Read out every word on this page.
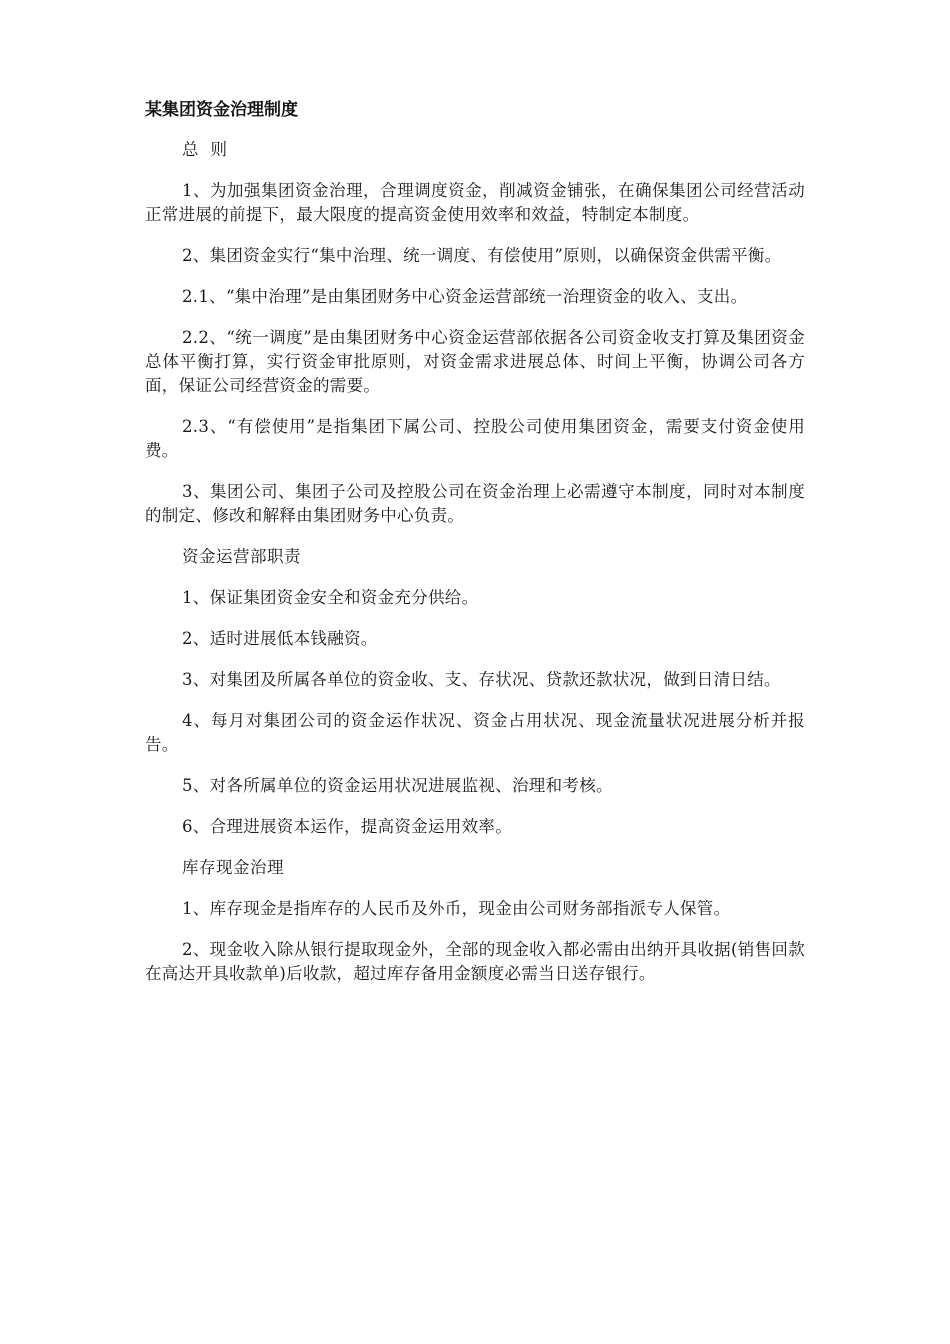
某集团资金治理制度
总  则

1、为加强集团资金治理，合理调度资金，削减资金铺张，在确保集团公司经营活动正常进展的前提下，最大限度的提高资金使用效率和效益，特制定本制度。

2、集团资金实行“集中治理、统一调度、有偿使用”原则，以确保资金供需平衡。

2.1、“集中治理”是由集团财务中心资金运营部统一治理资金的收入、支出。

2.2、“统一调度”是由集团财务中心资金运营部依据各公司资金收支打算及集团资金总体平衡打算，实行资金审批原则，对资金需求进展总体、时间上平衡，协调公司各方面，保证公司经营资金的需要。

2.3、“有偿使用”是指集团下属公司、控股公司使用集团资金，需要支付资金使用费。

3、集团公司、集团子公司及控股公司在资金治理上必需遵守本制度，同时对本制度的制定、修改和解释由集团财务中心负责。

资金运营部职责

1、保证集团资金安全和资金充分供给。

2、适时进展低本钱融资。

3、对集团及所属各单位的资金收、支、存状况、贷款还款状况，做到日清日结。

4、每月对集团公司的资金运作状况、资金占用状况、现金流量状况进展分析并报告。

5、对各所属单位的资金运用状况进展监视、治理和考核。

6、合理进展资本运作，提高资金运用效率。

库存现金治理

1、库存现金是指库存的人民币及外币，现金由公司财务部指派专人保管。

2、现金收入除从银行提取现金外，全部的现金收入都必需由出纳开具收据(销售回款在高达开具收款单)后收款，超过库存备用金额度必需当日送存银行。
